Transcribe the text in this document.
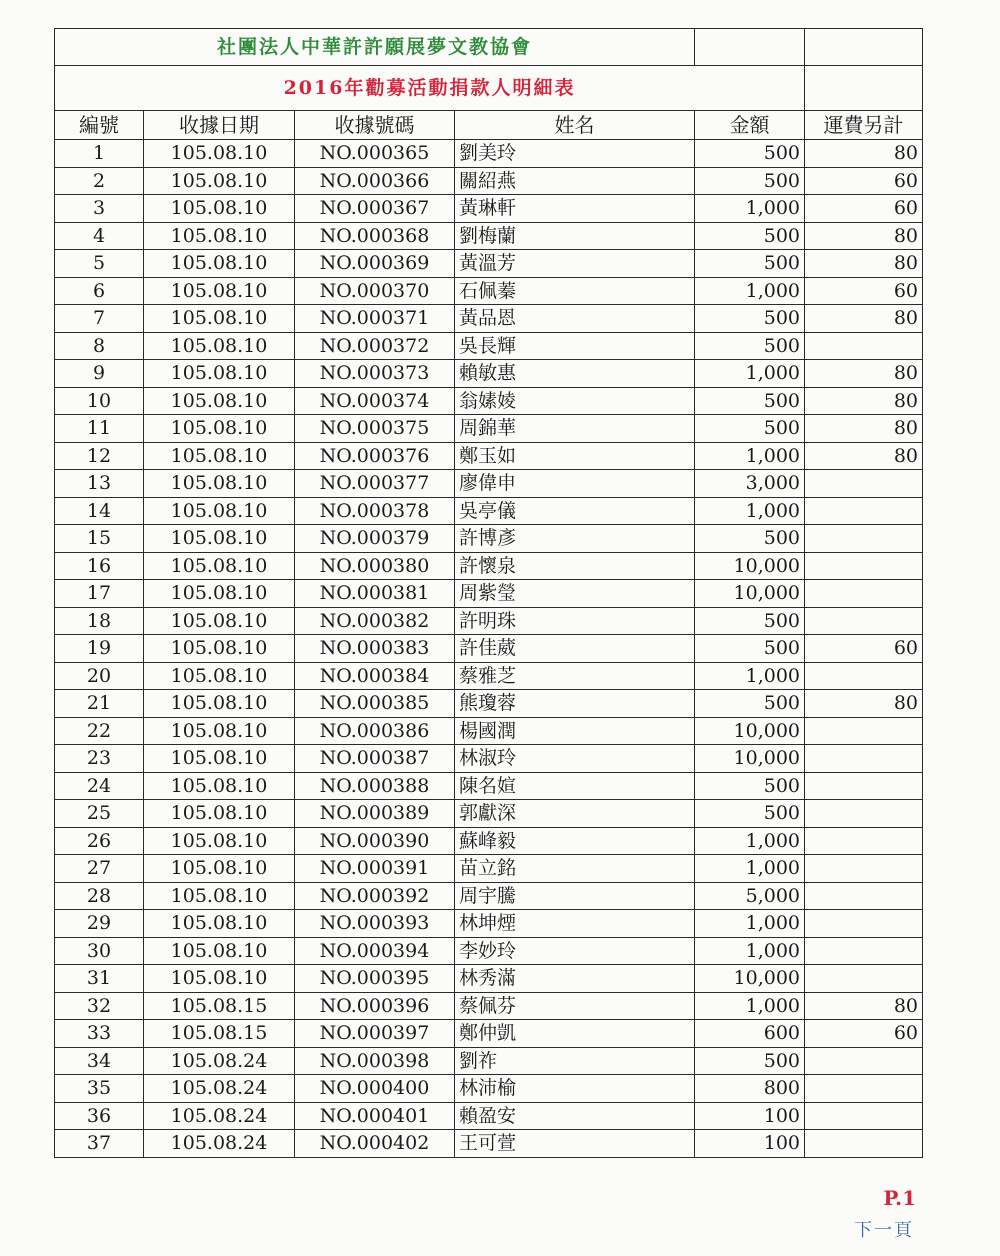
社團法人中華許許願展夢文教協會					
2016年勸募活動捐款人明細表					
編號	收據日期	收據號碼	姓名	金額	運費另計
1	105.08.10	NO.000365	劉美玲	500	80
2	105.08.10	NO.000366	關紹燕	500	60
3	105.08.10	NO.000367	黃琳軒	1,000	60
4	105.08.10	NO.000368	劉梅蘭	500	80
5	105.08.10	NO.000369	黃溫芳	500	80
6	105.08.10	NO.000370	石佩蓁	1,000	60
7	105.08.10	NO.000371	黃品恩	500	80
8	105.08.10	NO.000372	吳長輝	500	
9	105.08.10	NO.000373	賴敏惠	1,000	80
10	105.08.10	NO.000374	翁嫊婈	500	80
11	105.08.10	NO.000375	周錦華	500	80
12	105.08.10	NO.000376	鄭玉如	1,000	80
13	105.08.10	NO.000377	廖偉申	3,000	
14	105.08.10	NO.000378	吳亭儀	1,000	
15	105.08.10	NO.000379	許博彥	500	
16	105.08.10	NO.000380	許懷泉	10,000	
17	105.08.10	NO.000381	周紫瑩	10,000	
18	105.08.10	NO.000382	許明珠	500	
19	105.08.10	NO.000383	許佳葳	500	60
20	105.08.10	NO.000384	蔡雅芝	1,000	
21	105.08.10	NO.000385	熊瓊蓉	500	80
22	105.08.10	NO.000386	楊國潤	10,000	
23	105.08.10	NO.000387	林淑玲	10,000	
24	105.08.10	NO.000388	陳名媗	500	
25	105.08.10	NO.000389	郭獻深	500	
26	105.08.10	NO.000390	蘇峰毅	1,000	
27	105.08.10	NO.000391	苗立銘	1,000	
28	105.08.10	NO.000392	周宇騰	5,000	
29	105.08.10	NO.000393	林坤煙	1,000	
30	105.08.10	NO.000394	李妙玲	1,000	
31	105.08.10	NO.000395	林秀滿	10,000	
32	105.08.15	NO.000396	蔡佩芬	1,000	80
33	105.08.15	NO.000397	鄭仲凱	600	60
34	105.08.24	NO.000398	劉祚	500	
35	105.08.24	NO.000400	林沛榆	800	
36	105.08.24	NO.000401	賴盈安	100	
37	105.08.24	NO.000402	王可萱	100	
P.1
下一頁
